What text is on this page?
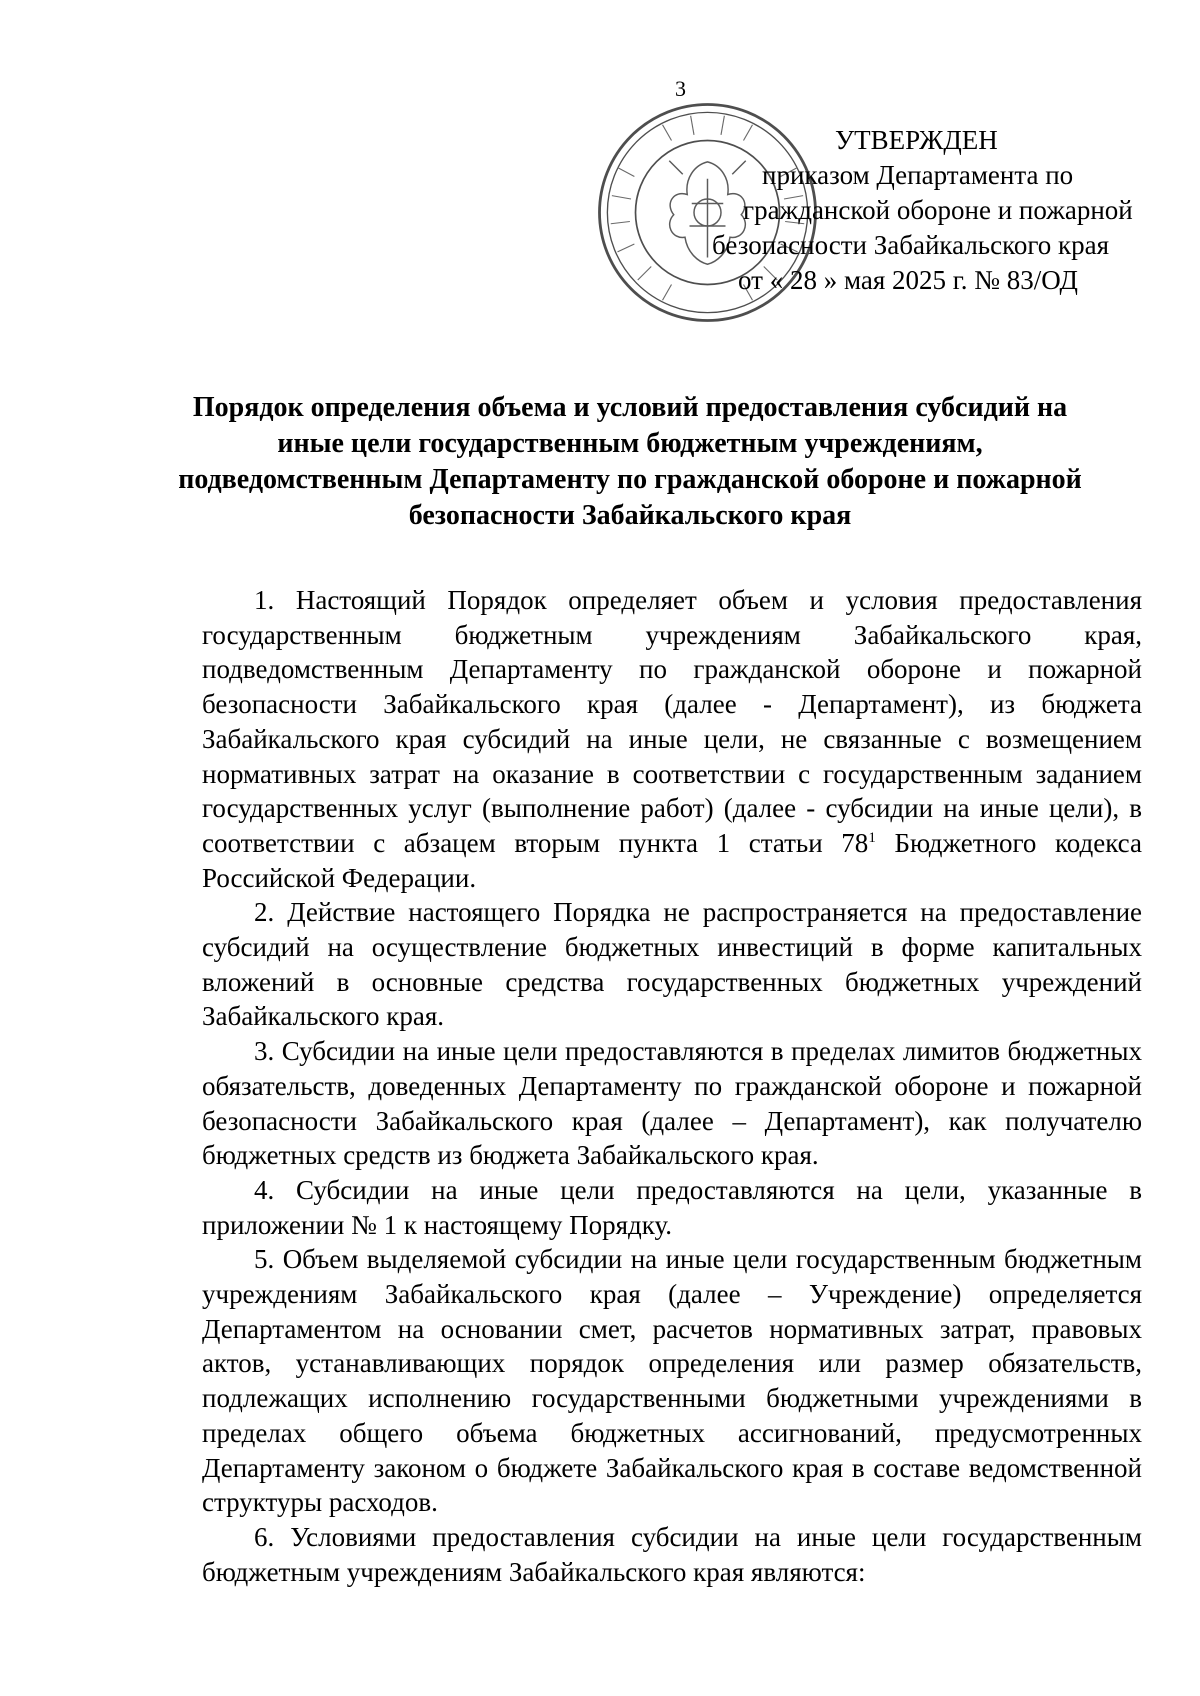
3
УТВЕРЖДЕН
приказом Департамента по
гражданской обороне и пожарной
безопасности Забайкальского края
от « 28 » мая 2025 г. № 83/ОД
Порядок определения объема и условий предоставления субсидий на
иные цели государственным бюджетным учреждениям,
подведомственным Департаменту по гражданской обороне и пожарной
безопасности Забайкальского края

1. Настоящий Порядок определяет объем и условия предоставления государственным бюджетным учреждениям Забайкальского края, подведомственным Департаменту по гражданской обороне и пожарной безопасности Забайкальского края (далее - Департамент), из бюджета Забайкальского края субсидий на иные цели, не связанные с возмещением нормативных затрат на оказание в соответствии с государственным заданием государственных услуг (выполнение работ) (далее - субсидии на иные цели), в соответствии с абзацем вторым пункта 1 статьи $78^1$ Бюджетного кодекса Российской Федерации.

2. Действие настоящего Порядка не распространяется на предоставление субсидий на осуществление бюджетных инвестиций в форме капитальных вложений в основные средства государственных бюджетных учреждений Забайкальского края.

3. Субсидии на иные цели предоставляются в пределах лимитов бюджетных обязательств, доведенных Департаменту по гражданской обороне и пожарной безопасности Забайкальского края (далее – Департамент), как получателю бюджетных средств из бюджета Забайкальского края.

4. Субсидии на иные цели предоставляются на цели, указанные в приложении № 1 к настоящему Порядку.

5. Объем выделяемой субсидии на иные цели государственным бюджетным учреждениям Забайкальского края (далее – Учреждение) определяется Департаментом на основании смет, расчетов нормативных затрат, правовых актов, устанавливающих порядок определения или размер обязательств, подлежащих исполнению государственными бюджетными учреждениями в пределах общего объема бюджетных ассигнований, предусмотренных Департаменту законом о бюджете Забайкальского края в составе ведомственной структуры расходов.

6. Условиями предоставления субсидии на иные цели государственным бюджетным учреждениям Забайкальского края являются:
